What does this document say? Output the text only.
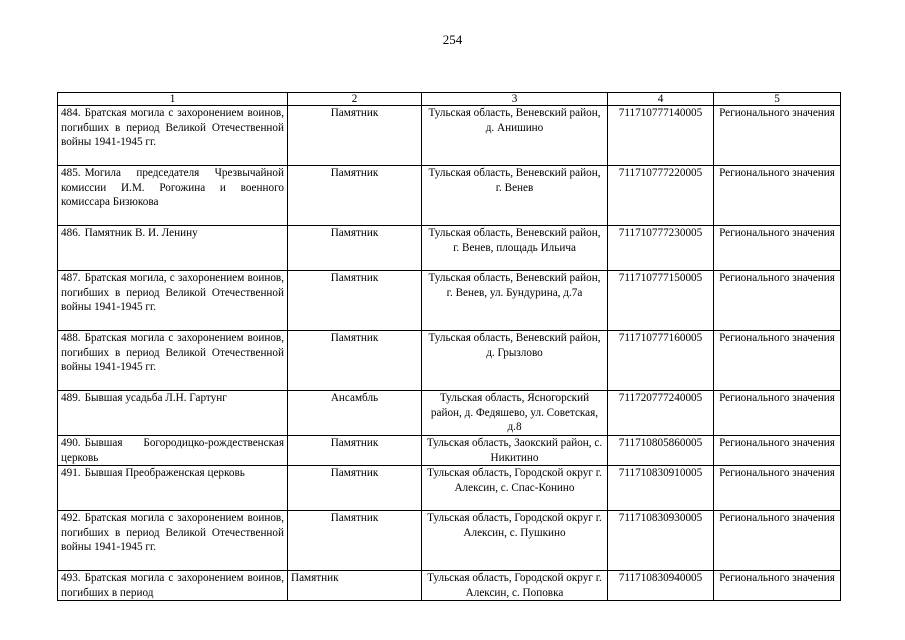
254
1	2	3	4	5
484. Братская могила с захоронением воинов, погибших в период Великой Отечественной войны 1941-1945 гг.	Памятник	Тульская область, Веневский район, д. Анишино	711710777140005	Регионального значения
485. Могила председателя Чрезвычайной комиссии И.М. Рогожина и военного комиссара Бизюкова	Памятник	Тульская область, Веневский район, г. Венев	711710777220005	Регионального значения
486. Памятник В. И. Ленину	Памятник	Тульская область, Веневский район, г. Венев, площадь Ильича	711710777230005	Регионального значения
487. Братская могила, с захоронением воинов, погибших в период Великой Отечественной войны 1941-1945 гг.	Памятник	Тульская область, Веневский район, г. Венев, ул. Бундурина, д.7а	711710777150005	Регионального значения
488. Братская могила с захоронением воинов, погибших в период Великой Отечественной войны 1941-1945 гг.	Памятник	Тульская область, Веневский район, д. Грызлово	711710777160005	Регионального значения
489. Бывшая усадьба Л.Н. Гартунг	Ансамбль	Тульская область, Ясногорский район, д. Федяшево, ул. Советская, д.8	711720777240005	Регионального значения
490. Бывшая Богородицко-рождественская церковь	Памятник	Тульская область, Заокский район, с. Никитино	711710805860005	Регионального значения
491. Бывшая Преображенская церковь	Памятник	Тульская область, Городской округ г. Алексин, с. Спас-Конино	711710830910005	Регионального значения
492. Братская могила с захоронением воинов, погибших в период Великой Отечественной войны 1941-1945 гг.	Памятник	Тульская область, Городской округ г. Алексин, с. Пушкино	711710830930005	Регионального значения
493. Братская могила с захоронением воинов, погибших в период	Памятник	Тульская область, Городской округ г. Алексин, с. Поповка	711710830940005	Регионального значения
